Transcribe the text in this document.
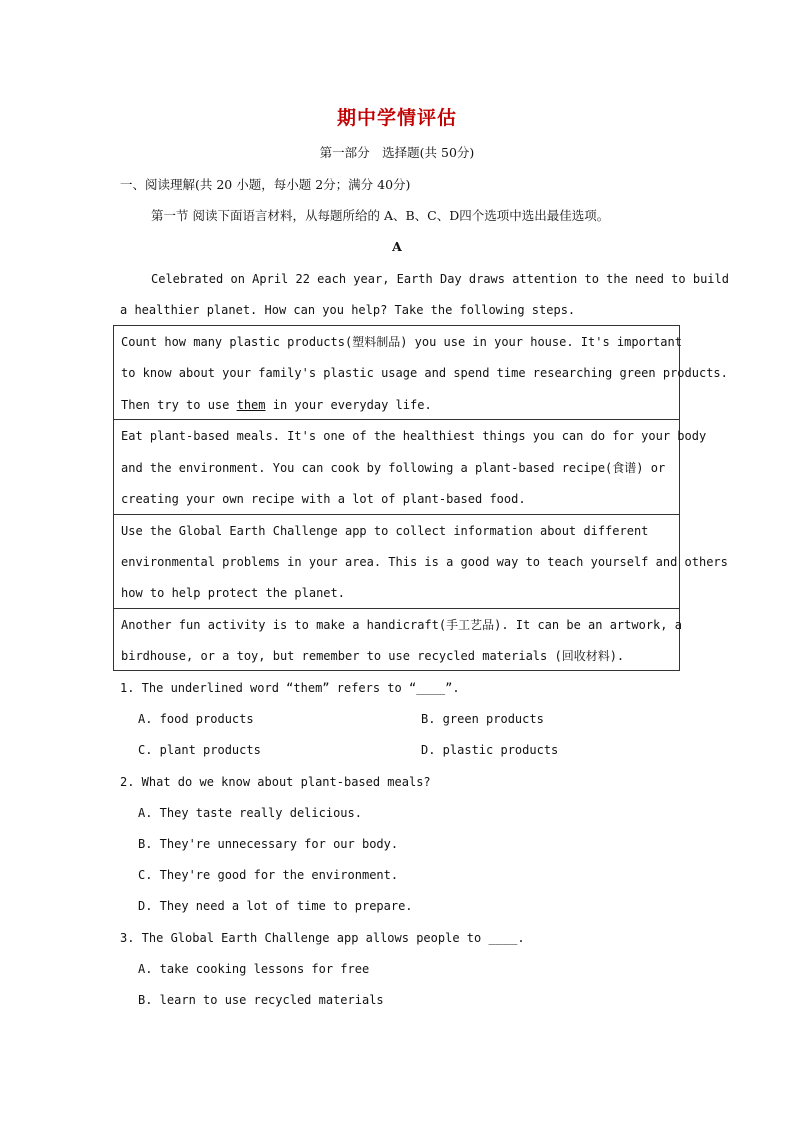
期中学情评估
第一部分　选择题(共 50分)
一、阅读理解(共 20 小题，每小题 2分；满分 40分)
第一节 阅读下面语言材料，从每题所给的 A、B、C、D四个选项中选出最佳选项。
A
Celebrated on April 22 each year, Earth Day draws attention to the need to build
a healthier planet. How can you help? Take the following steps.
Count how many plastic products(塑料制品) you use in your house. It's important
to know about your family's plastic usage and spend time researching green products.
Then try to use them in your everyday life.
Eat plant-based meals. It's one of the healthiest things you can do for your body
and the environment. You can cook by following a plant-based recipe(食谱) or
creating your own recipe with a lot of plant-based food.
Use the Global Earth Challenge app to collect information about different
environmental problems in your area. This is a good way to teach yourself and others
how to help protect the planet.
Another fun activity is to make a handicraft(手工艺品). It can be an artwork, a
birdhouse, or a toy, but remember to use recycled materials (回收材料).
1. The underlined word “them” refers to “____”.
A. food products	B. green products
C. plant products	D. plastic products
2. What do we know about plant-based meals?
A. They taste really delicious.
B. They're unnecessary for our body.
C. They're good for the environment.
D. They need a lot of time to prepare.
3. The Global Earth Challenge app allows people to ____.
A. take cooking lessons for free
B. learn to use recycled materials
